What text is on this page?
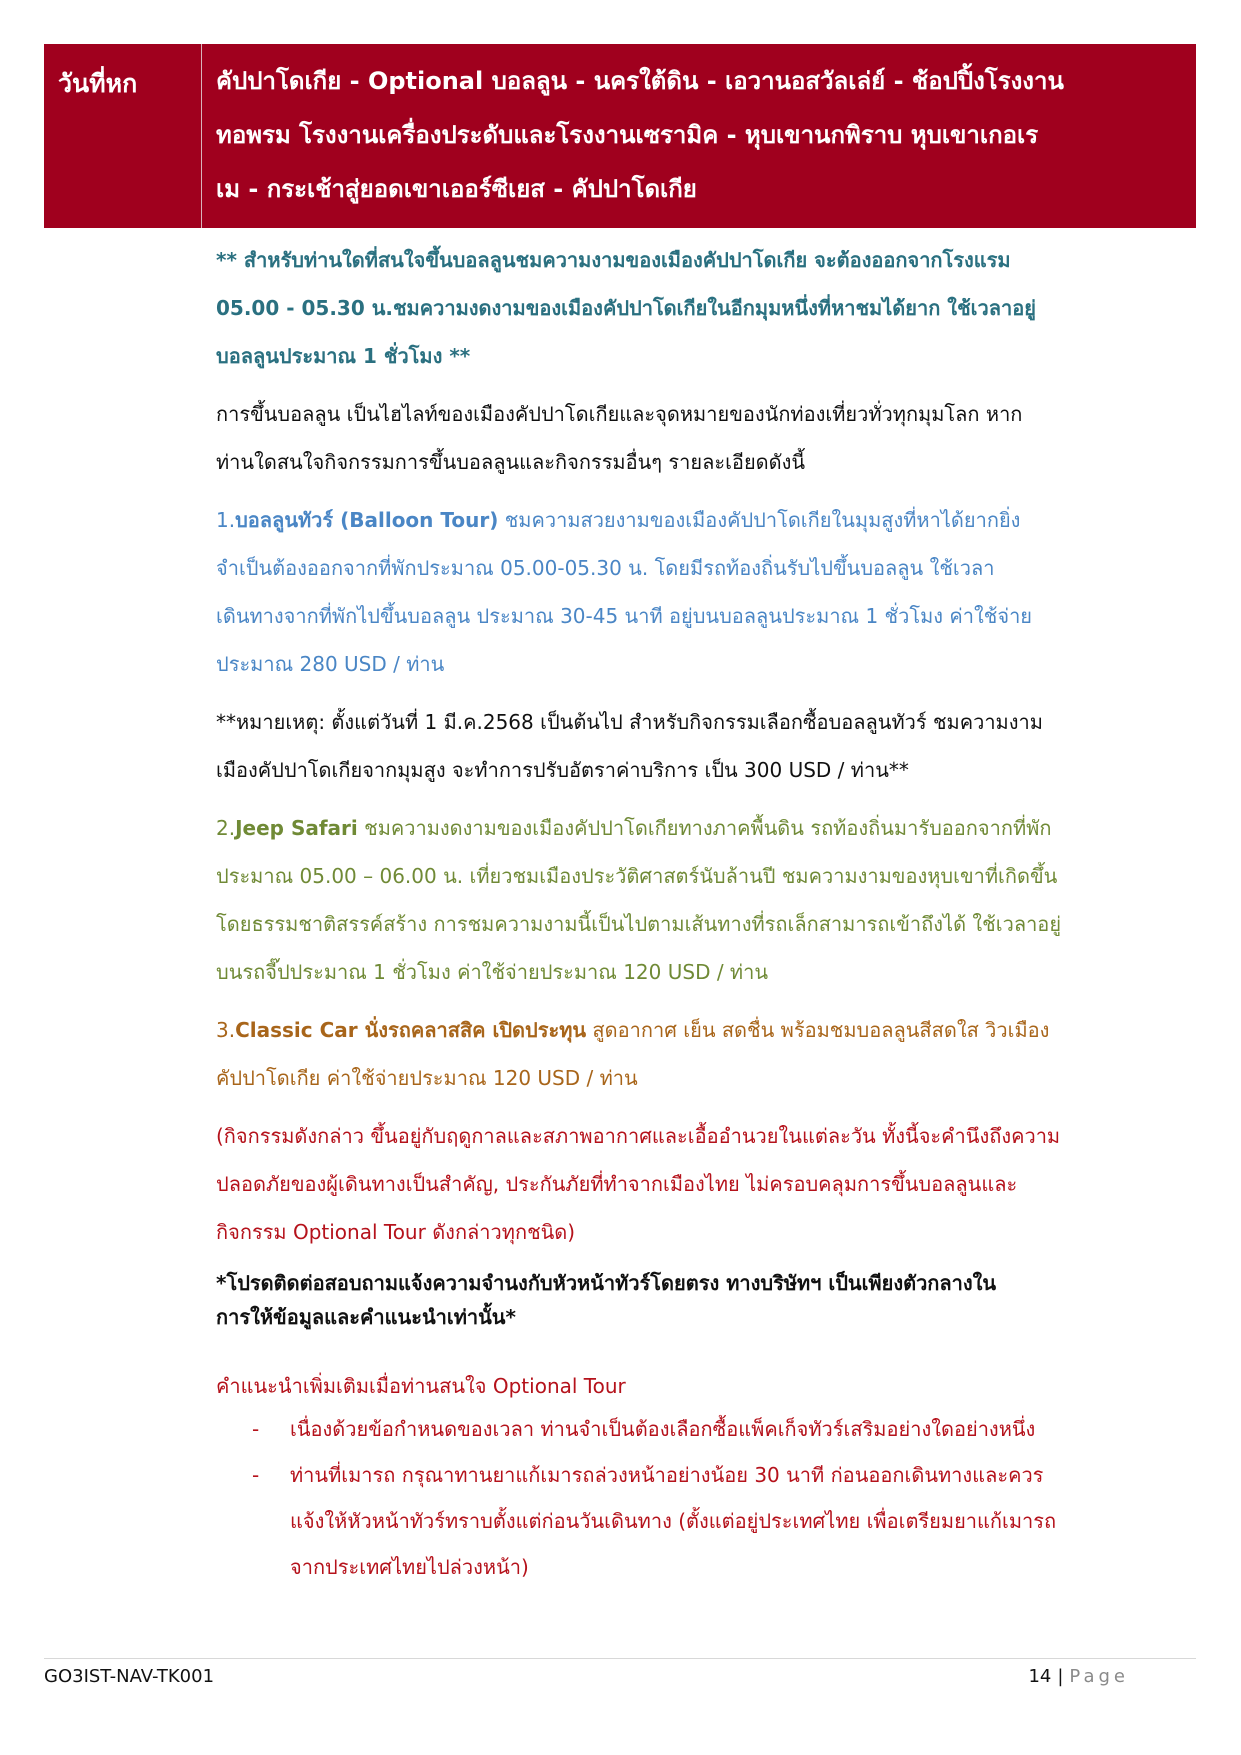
วันที่หก	คัปปาโดเกีย - Optional บอลลูน - นครใต้ดิน - เอวานอสวัลเล่ย์ - ช้อปปิ้งโรงงาน
ทอพรม โรงงานเครื่องประดับและโรงงานเซรามิค - หุบเขานกพิราบ หุบเขาเกอเร
เม - กระเช้าสู่ยอดเขาเออร์ซีเยส - คัปปาโดเกีย
** สำหรับท่านใดที่สนใจขึ้นบอลลูนชมความงามของเมืองคัปปาโดเกีย จะต้องออกจากโรงแรม
05.00 - 05.30 น.ชมความงดงามของเมืองคัปปาโดเกียในอีกมุมหนึ่งที่หาชมได้ยาก ใช้เวลาอยู่
บอลลูนประมาณ 1 ชั่วโมง **
การขึ้นบอลลูน เป็นไฮไลท์ของเมืองคัปปาโดเกียและจุดหมายของนักท่องเที่ยวทั่วทุกมุมโลก หาก
ท่านใดสนใจกิจกรรมการขึ้นบอลลูนและกิจกรรมอื่นๆ รายละเอียดดังนี้
1.บอลลูนทัวร์ (Balloon Tour) ชมความสวยงามของเมืองคัปปาโดเกียในมุมสูงที่หาได้ยากยิ่ง
จำเป็นต้องออกจากที่พักประมาณ 05.00-05.30 น. โดยมีรถท้องถิ่นรับไปขึ้นบอลลูน ใช้เวลา
เดินทางจากที่พักไปขึ้นบอลลูน ประมาณ 30-45 นาที อยู่บนบอลลูนประมาณ 1 ชั่วโมง ค่าใช้จ่าย
ประมาณ 280 USD / ท่าน
**หมายเหตุ: ตั้งแต่วันที่ 1 มี.ค.2568 เป็นต้นไป สำหรับกิจกรรมเลือกซื้อบอลลูนทัวร์ ชมความงาม
เมืองคัปปาโดเกียจากมุมสูง จะทำการปรับอัตราค่าบริการ เป็น 300 USD / ท่าน**
2.Jeep Safari ชมความงดงามของเมืองคัปปาโดเกียทางภาคพื้นดิน รถท้องถิ่นมารับออกจากที่พัก
ประมาณ 05.00 – 06.00 น. เที่ยวชมเมืองประวัติศาสตร์นับล้านปี ชมความงามของหุบเขาที่เกิดขึ้น
โดยธรรมชาติสรรค์สร้าง การชมความงามนี้เป็นไปตามเส้นทางที่รถเล็กสามารถเข้าถึงได้ ใช้เวลาอยู่
บนรถจี๊ปประมาณ 1 ชั่วโมง ค่าใช้จ่ายประมาณ 120 USD / ท่าน
3.Classic Car นั่งรถคลาสสิค เปิดประทุน สูดอากาศ เย็น สดชื่น พร้อมชมบอลลูนสีสดใส วิวเมือง
คัปปาโดเกีย ค่าใช้จ่ายประมาณ 120 USD / ท่าน
(กิจกรรมดังกล่าว ขึ้นอยู่กับฤดูกาลและสภาพอากาศและเอื้ออำนวยในแต่ละวัน ทั้งนี้จะคำนึงถึงความ
ปลอดภัยของผู้เดินทางเป็นสำคัญ, ประกันภัยที่ทำจากเมืองไทย ไม่ครอบคลุมการขึ้นบอลลูนและ
กิจกรรม Optional Tour ดังกล่าวทุกชนิด)
*โปรดติดต่อสอบถามแจ้งความจำนงกับหัวหน้าทัวร์โดยตรง ทางบริษัทฯ เป็นเพียงตัวกลางใน
การให้ข้อมูลและคำแนะนำเท่านั้น*
คำแนะนำเพิ่มเติมเมื่อท่านสนใจ Optional Tour
- เนื่องด้วยข้อกำหนดของเวลา ท่านจำเป็นต้องเลือกซื้อแพ็คเก็จทัวร์เสริมอย่างใดอย่างหนึ่ง
- ท่านที่เมารถ กรุณาทานยาแก้เมารถล่วงหน้าอย่างน้อย 30 นาที ก่อนออกเดินทางและควร
แจ้งให้หัวหน้าทัวร์ทราบตั้งแต่ก่อนวันเดินทาง (ตั้งแต่อยู่ประเทศไทย เพื่อเตรียมยาแก้เมารถ
จากประเทศไทยไปล่วงหน้า)
GO3IST-NAV-TK001	14 | Page
